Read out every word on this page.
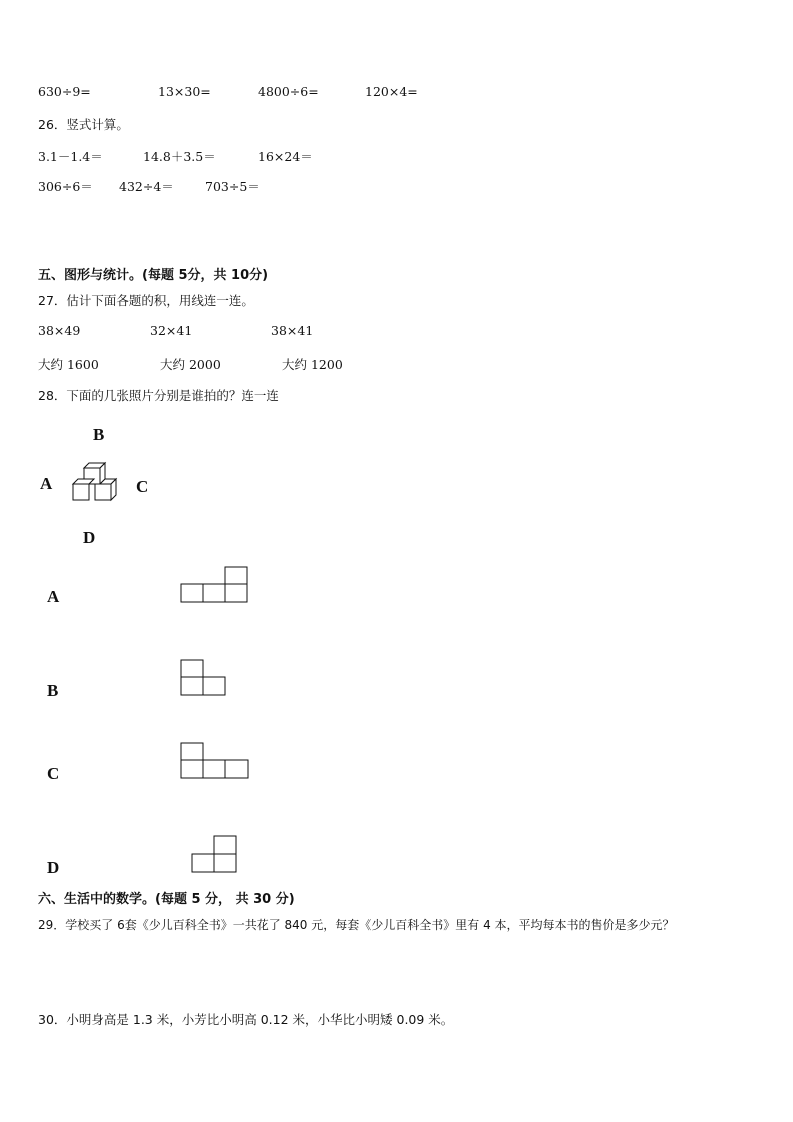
630÷9=	13×30=	4800÷6=	120×4=
26．竖式计算。
3.1－1.4＝	14.8＋3.5＝	16×24＝
306÷6＝ 432÷4＝ 703÷5＝
五、图形与统计。(每题 5分，共 10分)
27．估计下面各题的积，用线连一连。
38×49	32×41	38×41
大约 1600	大约 2000	大约 1200
28．下面的几张照片分别是谁拍的？连一连
B
A	C
D
A
B
C
D
六、生活中的数学。(每题 5 分， 共 30 分)
29．学校买了 6套《少儿百科全书》一共花了 840 元，每套《少儿百科全书》里有 4 本，平均每本书的售价是多少元？
30．小明身高是 1.3 米，小芳比小明高 0.12 米，小华比小明矮 0.09 米。
